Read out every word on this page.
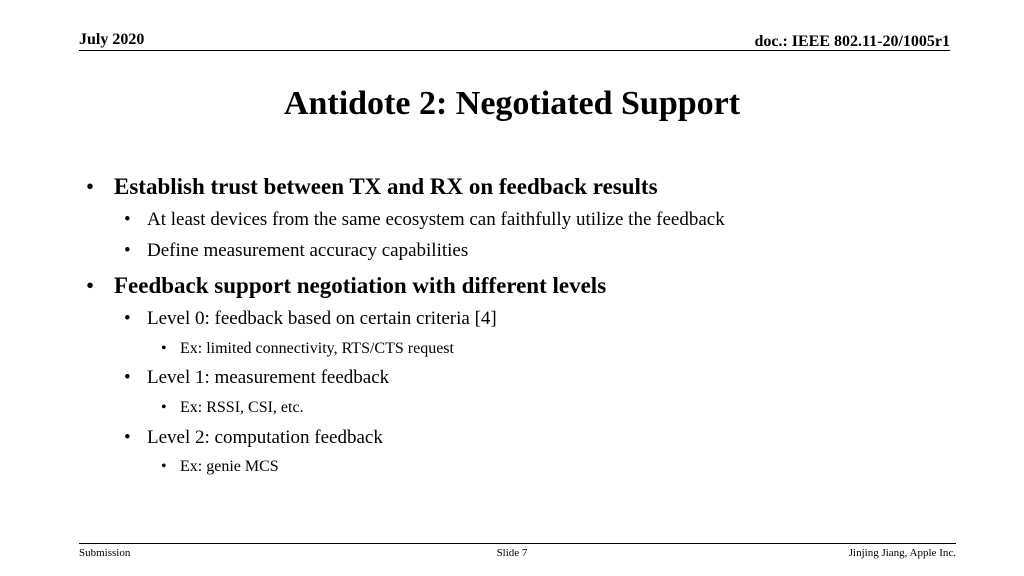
July 2020	doc.: IEEE 802.11-20/1005r1
Antidote 2: Negotiated Support
• Establish trust between TX and RX on feedback results
• At least devices from the same ecosystem can faithfully utilize the feedback
• Define measurement accuracy capabilities
• Feedback support negotiation with different levels
• Level 0: feedback based on certain criteria [4]
• Ex: limited connectivity, RTS/CTS request
• Level 1: measurement feedback
• Ex: RSSI, CSI, etc.
• Level 2: computation feedback
• Ex: genie MCS
Submission	Slide 7	Jinjing Jiang, Apple Inc.
